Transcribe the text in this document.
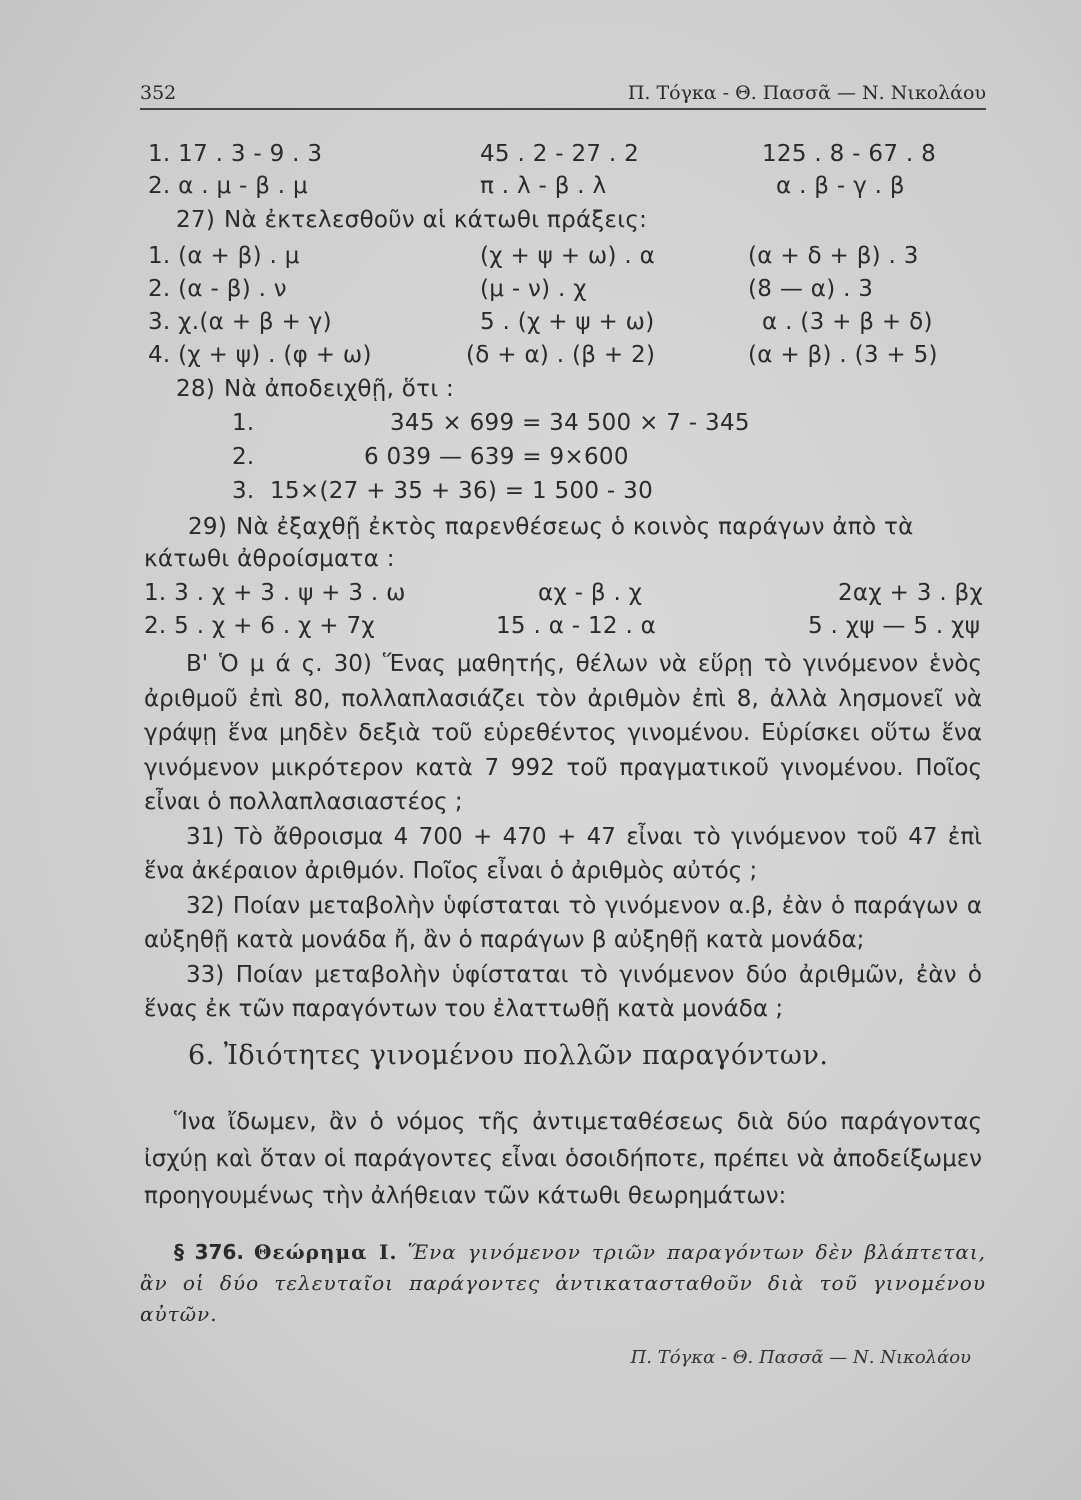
352	Π. Τόγκα - Θ. Πασσᾶ — Ν. Νικολάου
1. 17 . 3 - 9 . 3	45 . 2 - 27 . 2	125 . 8 - 67 . 8
2. α . μ - β . μ	π . λ - β . λ	α . β - γ . β
27) Νὰ ἐκτελεσθοῦν αἱ κάτωθι πράξεις:
1. (α + β) . μ	(χ + ψ + ω) . α	(α + δ + β) . 3
2. (α - β) . ν	(μ - ν) . χ	(8 — α) . 3
3. χ.(α + β + γ)	5 . (χ + ψ + ω)	α . (3 + β + δ)
4. (χ + ψ) . (φ + ω)	(δ + α) . (β + 2)	(α + β) . (3 + 5)
28) Νὰ ἀποδειχθῇ, ὅτι :
1.	345 × 699 = 34 500 × 7 - 345
2.	6 039 — 639 = 9×600
3. 15×(27 + 35 + 36) = 1 500 - 30
29) Νὰ ἐξαχθῇ ἐκτὸς παρενθέσεως ὁ κοινὸς παράγων ἀπὸ τὰ
κάτωθι ἀθροίσματα :
1. 3 . χ + 3 . ψ + 3 . ω	αχ - β . χ	2αχ + 3 . βχ
2. 5 . χ + 6 . χ + 7χ	15 . α - 12 . α	5 . χψ — 5 . χψ

Β' Ὁ μ ά ς. 30) Ἕνας μαθητής, θέλων νὰ εὕρῃ τὸ γινόμενον ἑνὸς ἀριθμοῦ ἐπὶ 80, πολλαπλασιάζει τὸν ἀριθμὸν ἐπὶ 8, ἀλλὰ λησμονεῖ νὰ γράψῃ ἕνα μηδὲν δεξιὰ τοῦ εὑρεθέντος γινομένου. Εὑρίσκει οὕτω ἕνα γινόμενον μικρότερον κατὰ 7 992 τοῦ πραγματικοῦ γινομένου. Ποῖος εἶναι ὁ πολλαπλασιαστέος ;

31) Τὸ ἄθροισμα 4 700 + 470 + 47 εἶναι τὸ γινόμενον τοῦ 47 ἐπὶ ἕνα ἀκέραιον ἀριθμόν. Ποῖος εἶναι ὁ ἀριθμὸς αὐτός ;

32) Ποίαν μεταβολὴν ὑφίσταται τὸ γινόμενον α.β, ἐὰν ὁ παράγων α αὐξηθῇ κατὰ μονάδα ἤ, ἂν ὁ παράγων β αὐξηθῇ κατὰ μονάδα;

33) Ποίαν μεταβολὴν ὑφίσταται τὸ γινόμενον δύο ἀριθμῶν, ἐὰν ὁ ἕνας ἐκ τῶν παραγόντων του ἐλαττωθῇ κατὰ μονάδα ;

6. Ἰδιότητες γινομένου πολλῶν παραγόντων.

Ἵνα ἴδωμεν, ἂν ὁ νόμος τῆς ἀντιμεταθέσεως διὰ δύο παράγοντας ἰσχύῃ καὶ ὅταν οἱ παράγοντες εἶναι ὁσοιδήποτε, πρέπει νὰ ἀποδείξωμεν προηγουμένως τὴν ἀλήθειαν τῶν κάτωθι θεωρημάτων:

§ 376. Θεώρημα Ι. Ἕνα γινόμενον τριῶν παραγόντων δὲν βλάπτεται, ἂν οἱ δύο τελευταῖοι παράγοντες ἀντικατασταθοῦν διὰ τοῦ γινομένου αὐτῶν.
Π. Τόγκα - Θ. Πασσᾶ — Ν. Νικολάου
